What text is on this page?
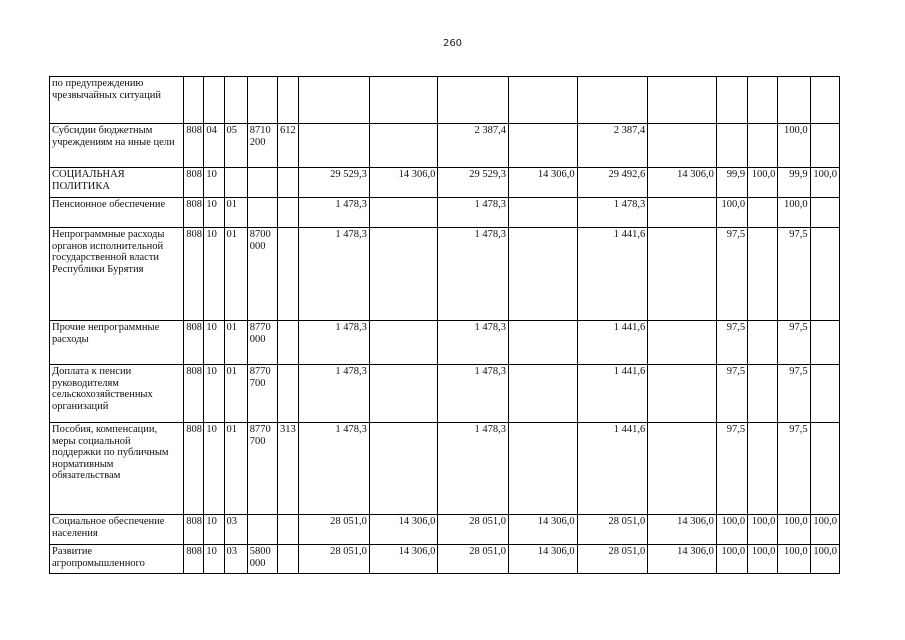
260
по предупреждению чрезвычайных ситуаций															
Субсидии бюджетным учреждениям на иные цели	808	04	05	8710 200	612			2 387,4		2 387,4				100,0	
СОЦИАЛЬНАЯ ПОЛИТИКА	808	10				29 529,3	14 306,0	29 529,3	14 306,0	29 492,6	14 306,0	99,9	100,0	99,9	100,0
Пенсионное обеспечение	808	10	01			1 478,3		1 478,3		1 478,3		100,0		100,0	
Непрограммные расходы органов исполнительной государственной власти Республики Бурятия	808	10	01	8700 000		1 478,3		1 478,3		1 441,6		97,5		97,5	
Прочие непрограммные расходы	808	10	01	8770 000		1 478,3		1 478,3		1 441,6		97,5		97,5	
Доплата к пенсии руководителям сельскохозяйственных организаций	808	10	01	8770 700		1 478,3		1 478,3		1 441,6		97,5		97,5	
Пособия, компенсации, меры социальной поддержки по публичным нормативным обязательствам	808	10	01	8770 700	313	1 478,3		1 478,3		1 441,6		97,5		97,5	
Социальное обеспечение населения	808	10	03			28 051,0	14 306,0	28 051,0	14 306,0	28 051,0	14 306,0	100,0	100,0	100,0	100,0
Развитие агропромышленного	808	10	03	5800 000		28 051,0	14 306,0	28 051,0	14 306,0	28 051,0	14 306,0	100,0	100,0	100,0	100,0
